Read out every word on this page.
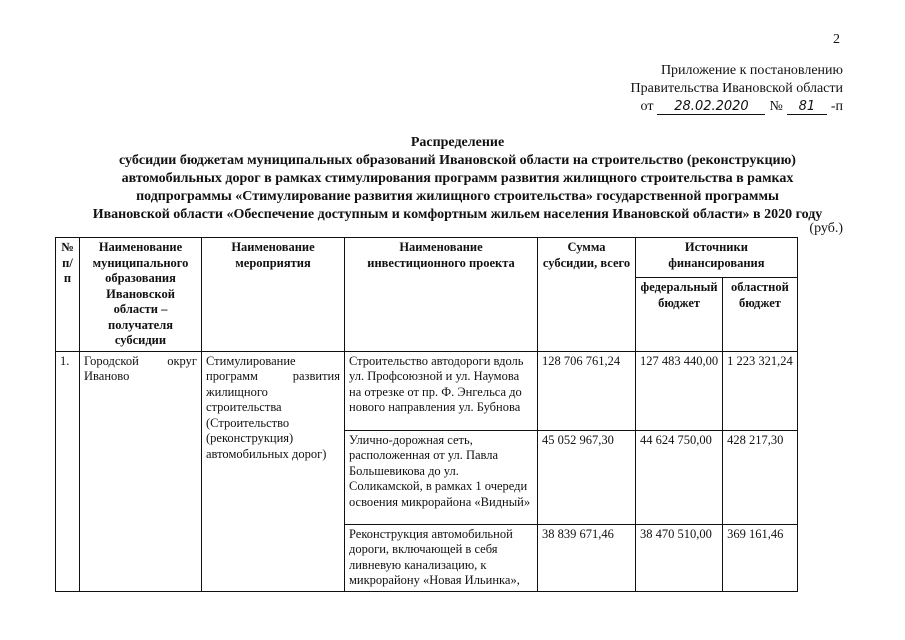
2
Приложение к постановлению
Правительства Ивановской области
от	28.02.2020	№	81	-п
Распределение
субсидии бюджетам муниципальных образований Ивановской области на строительство (реконструкцию)
автомобильных дорог в рамках стимулирования программ развития жилищного строительства в рамках
подпрограммы «Стимулирование развития жилищного строительства» государственной программы
Ивановской области «Обеспечение доступным и комфортным жильем населения Ивановской области» в 2020 году
(руб.)
№ п/п	Наименование муниципального образования Ивановской области – получателя субсидии	Наименование мероприятия	Наименование инвестиционного проекта	Сумма субсидии, всего	Источники финансирования	
					федеральный бюджет	областной бюджет
1.	Городской округ Иваново	Стимулирование программ развития жилищного строительства (Строительство (реконструкция) автомобильных дорог)	Строительство автодороги вдоль ул. Профсоюзной и ул. Наумова на отрезке от пр. Ф. Энгельса до нового направления ул. Бубнова	128 706 761,24	127 483 440,00	1 223 321,24
			Улично-дорожная сеть, расположенная от ул. Павла Большевикова до ул. Соликамской, в рамках 1 очереди освоения микрорайона «Видный»	45 052 967,30	44 624 750,00	428 217,30
			Реконструкция автомобильной дороги, включающей в себя ливневую канализацию, к микрорайону «Новая Ильинка»,	38 839 671,46	38 470 510,00	369 161,46
